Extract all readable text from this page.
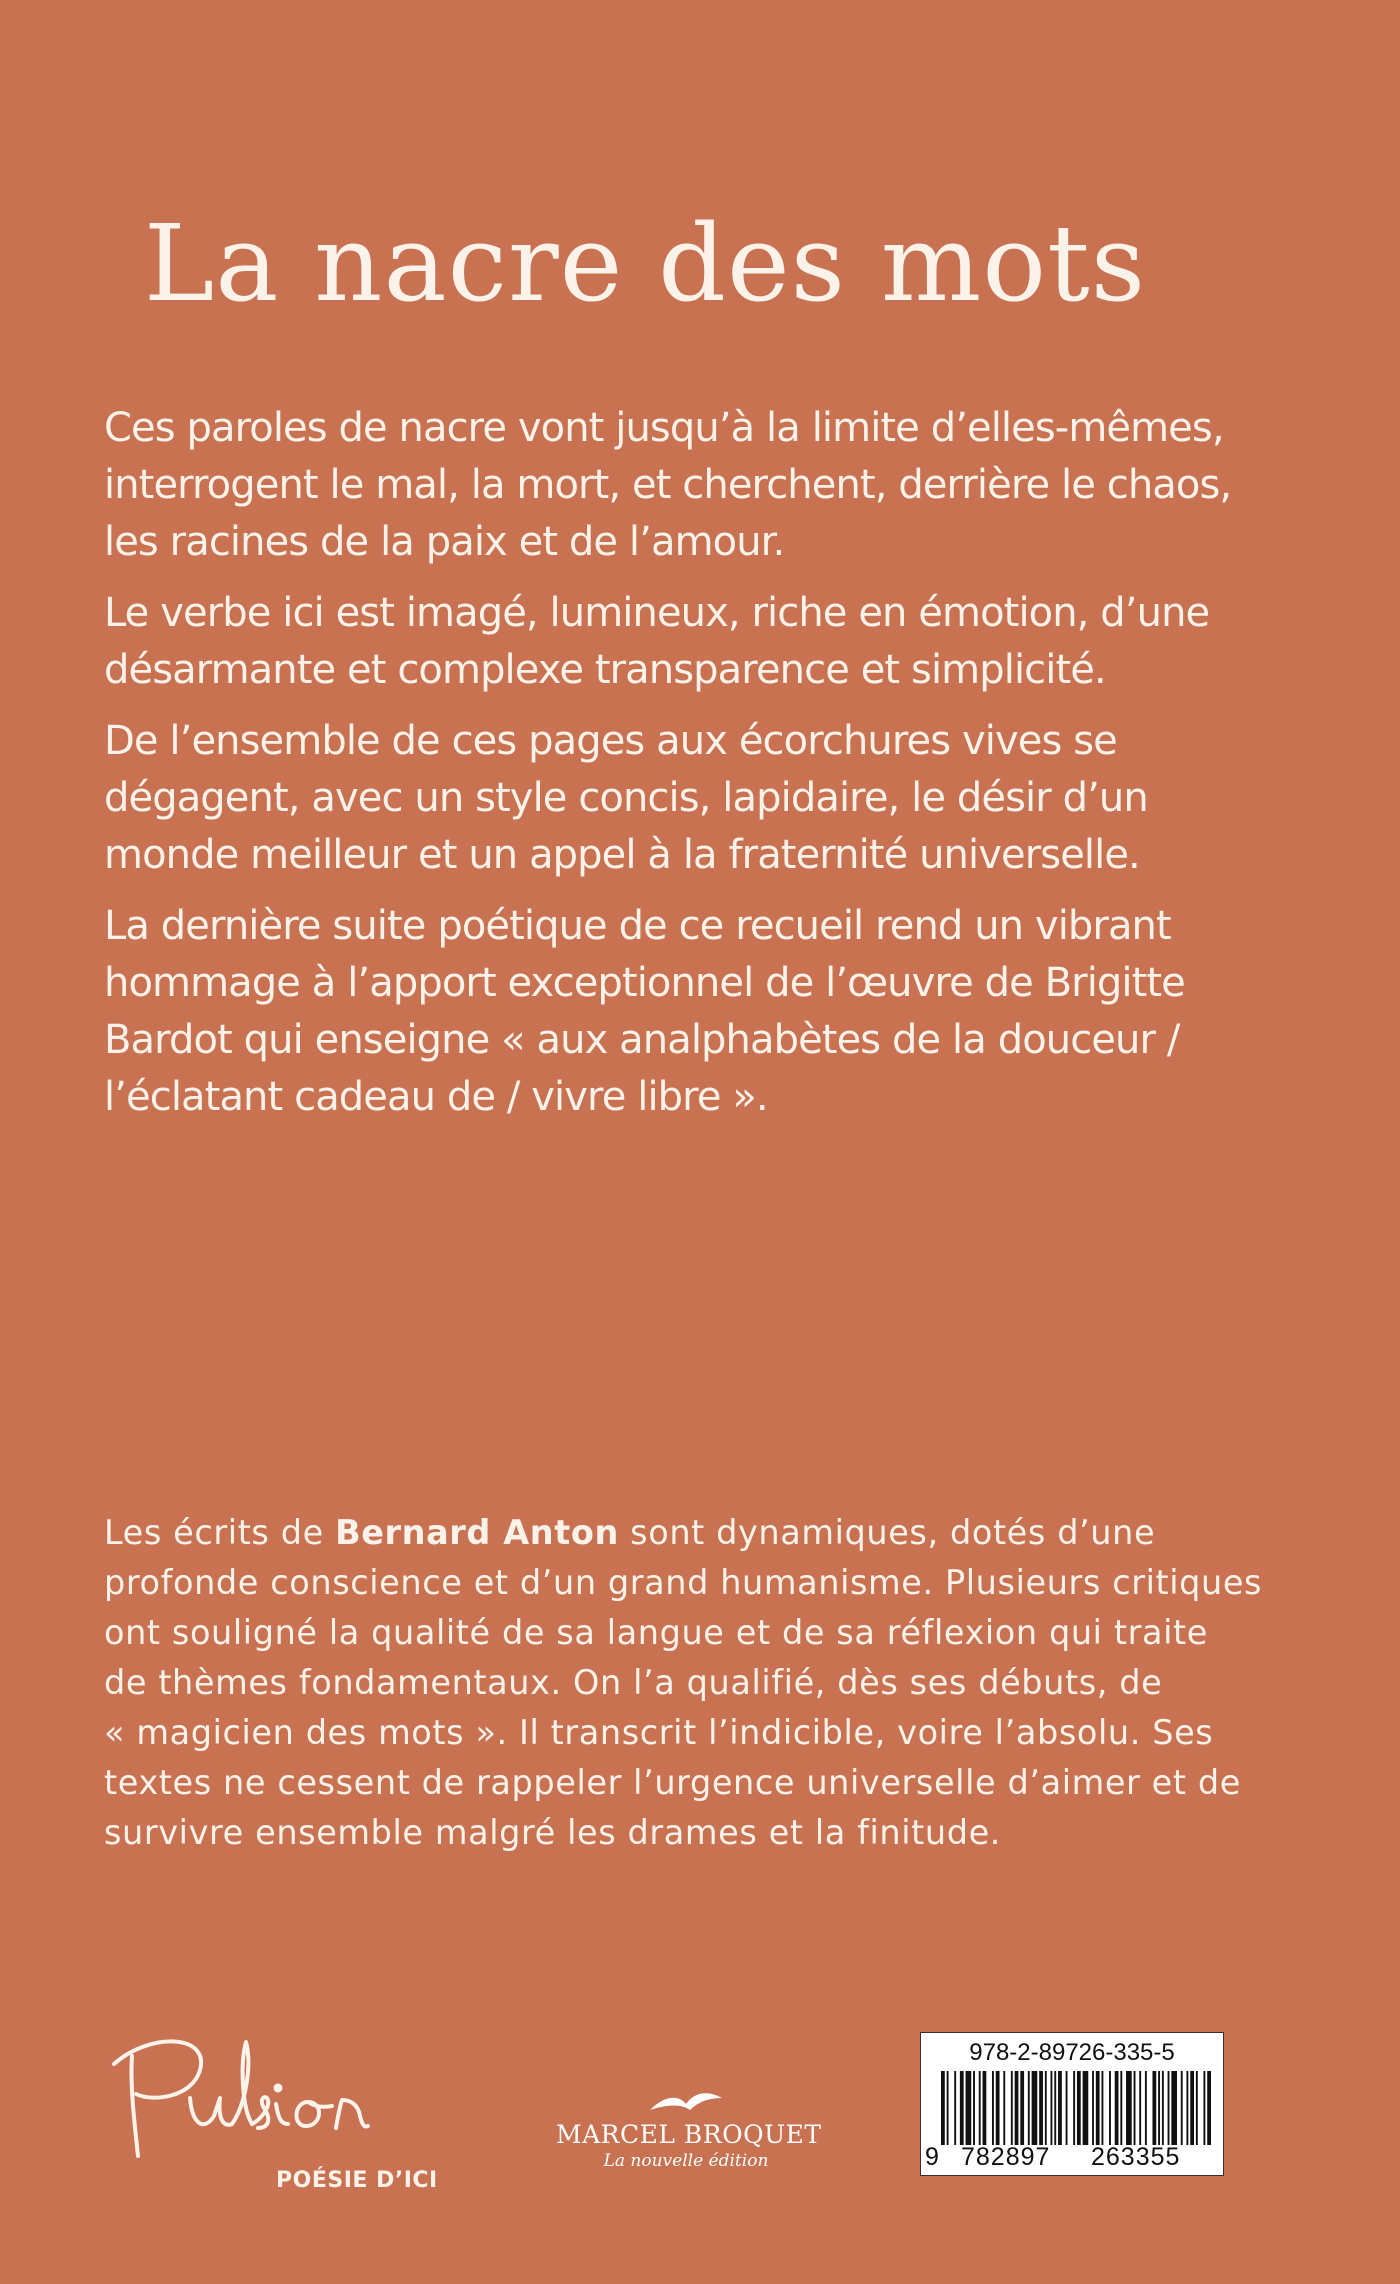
La nacre des mots

Ces paroles de nacre vont jusqu’à la limite d’elles-mêmes,
interrogent le mal, la mort, et cherchent, derrière le chaos,
les racines de la paix et de l’amour.

Le verbe ici est imagé, lumineux, riche en émotion, d’une
désarmante et complexe transparence et simplicité.

De l’ensemble de ces pages aux écorchures vives se
dégagent, avec un style concis, lapidaire, le désir d’un
monde meilleur et un appel à la fraternité universelle.

La dernière suite poétique de ce recueil rend un vibrant
hommage à l’apport exceptionnel de l’œuvre de Brigitte
Bardot qui enseigne « aux analphabètes de la douceur /
l’éclatant cadeau de / vivre libre ».

Les écrits de Bernard Anton sont dynamiques, dotés d’une
profonde conscience et d’un grand humanisme. Plusieurs critiques
ont souligné la qualité de sa langue et de sa réflexion qui traite
de thèmes fondamentaux. On l’a qualifié, dès ses débuts, de
« magicien des mots ». Il transcrit l’indicible, voire l’absolu. Ses
textes ne cessent de rappeler l’urgence universelle d’aimer et de
survivre ensemble malgré les drames et la finitude.

POÉSIE D’ICI
MARCEL BROQUET
La nouvelle édition
978-2-89726-335-5
9 782897 263355
